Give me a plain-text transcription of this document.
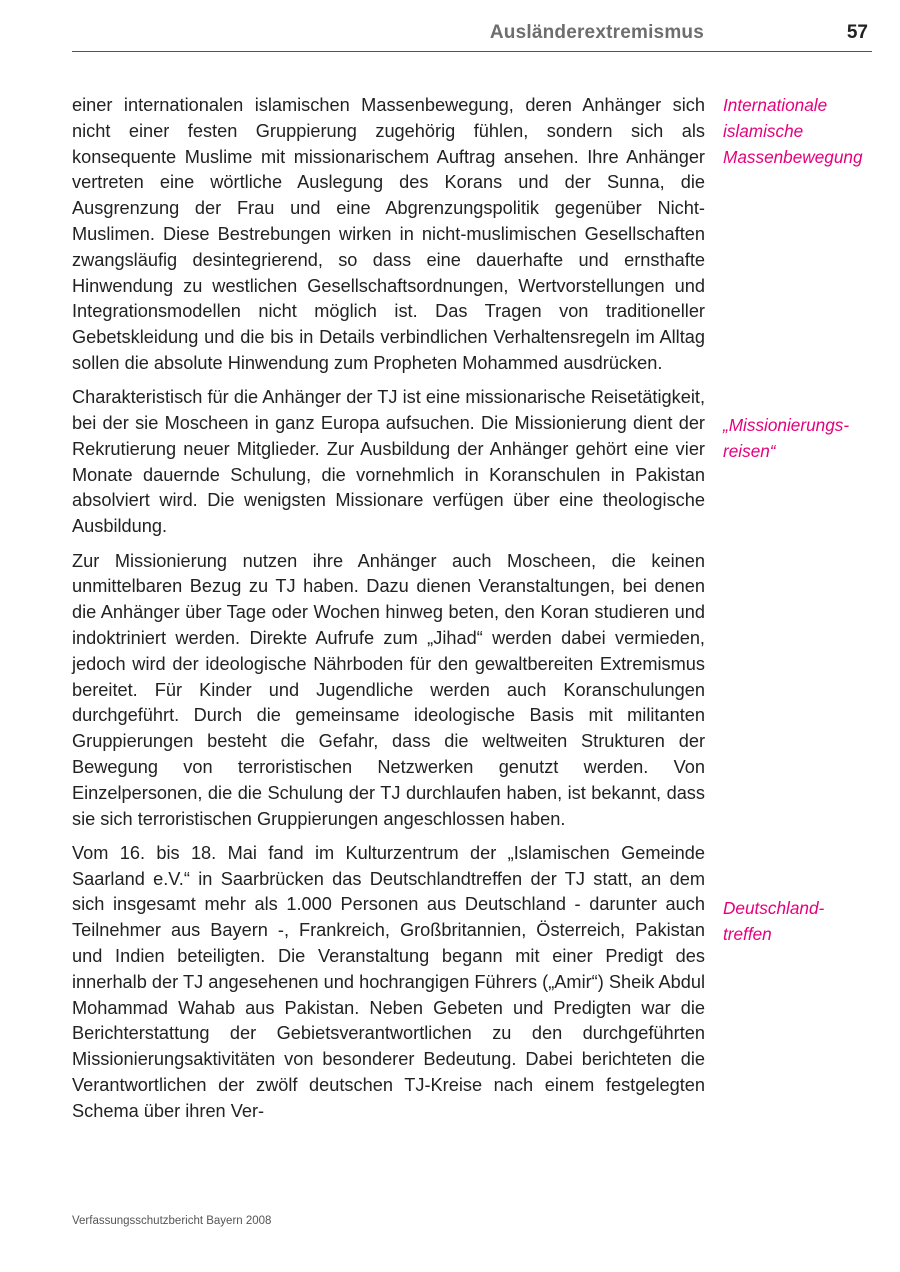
Ausländerextremismus	57

einer internationalen islamischen Massenbewegung, deren Anhänger sich nicht einer festen Gruppierung zugehörig fühlen, sondern sich als konsequente Muslime mit missionarischem Auftrag ansehen. Ihre Anhänger vertreten eine wörtliche Auslegung des Korans und der Sunna, die Ausgrenzung der Frau und eine Abgrenzungspolitik gegenüber Nicht-Muslimen. Diese Bestrebungen wirken in nicht-muslimischen Gesellschaften zwangsläufig desintegrierend, so dass eine dauerhafte und ernsthafte Hinwendung zu westlichen Gesellschaftsordnungen, Wertvorstellungen und Integrationsmodellen nicht möglich ist. Das Tragen von traditioneller Gebetskleidung und die bis in Details verbindlichen Verhaltensregeln im Alltag sollen die absolute Hinwendung zum Propheten Mohammed ausdrücken.

Charakteristisch für die Anhänger der TJ ist eine missionarische Reisetätigkeit, bei der sie Moscheen in ganz Europa aufsuchen. Die Missionierung dient der Rekrutierung neuer Mitglieder. Zur Ausbildung der Anhänger gehört eine vier Monate dauernde Schulung, die vornehmlich in Koranschulen in Pakistan absolviert wird. Die wenigsten Missionare verfügen über eine theologische Ausbildung.

Zur Missionierung nutzen ihre Anhänger auch Moscheen, die keinen unmittelbaren Bezug zu TJ haben. Dazu dienen Veranstaltungen, bei denen die Anhänger über Tage oder Wochen hinweg beten, den Koran studieren und indoktriniert werden. Direkte Aufrufe zum „Jihad“ werden dabei vermieden, jedoch wird der ideologische Nährboden für den gewaltbereiten Extremismus bereitet. Für Kinder und Jugendliche werden auch Koranschulungen durchgeführt. Durch die gemeinsame ideologische Basis mit militanten Gruppierungen besteht die Gefahr, dass die weltweiten Strukturen der Bewegung von terroristischen Netzwerken genutzt werden. Von Einzelpersonen, die die Schulung der TJ durchlaufen haben, ist bekannt, dass sie sich terroristischen Gruppierungen angeschlossen haben.

Vom 16. bis 18. Mai fand im Kulturzentrum der „Islamischen Gemeinde Saarland e.V.“ in Saarbrücken das Deutschlandtreffen der TJ statt, an dem sich insgesamt mehr als 1.000 Personen aus Deutschland - darunter auch Teilnehmer aus Bayern -, Frankreich, Großbritannien, Österreich, Pakistan und Indien beteiligten. Die Veranstaltung begann mit einer Predigt des innerhalb der TJ angesehenen und hochrangigen Führers („Amir“) Sheik Abdul Mohammad Wahab aus Pakistan. Neben Gebeten und Predigten war die Berichterstattung der Gebietsverantwortlichen zu den durchgeführten Missionierungsaktivitäten von besonderer Bedeutung. Dabei berichteten die Verantwortlichen der zwölf deutschen TJ-Kreise nach einem festgelegten Schema über ihren Ver-

Internationale
islamische
Massenbewegung
„Missionierungs-
reisen“
Deutschland-
treffen
Verfassungsschutzbericht Bayern 2008
